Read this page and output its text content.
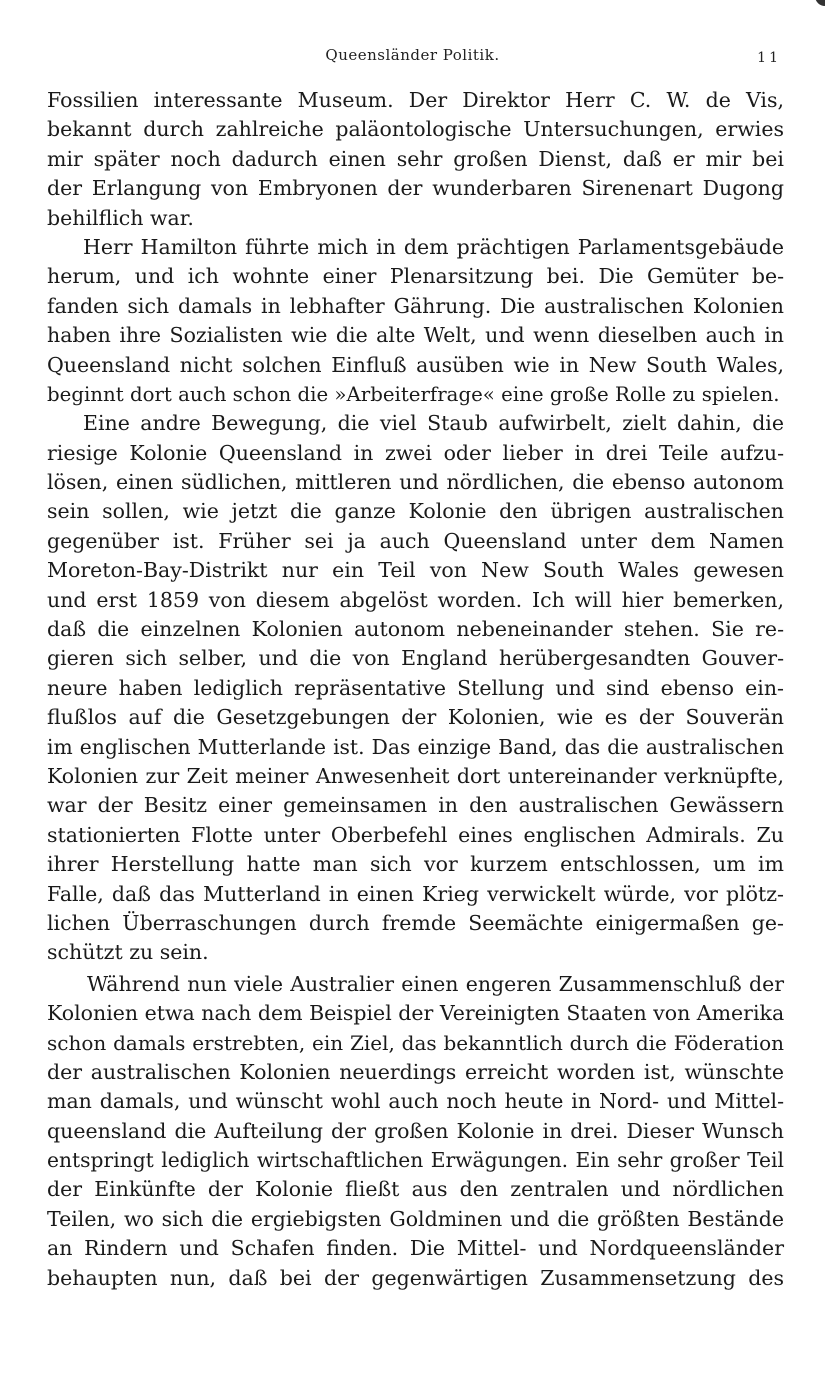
Queensländer Politik.	11
Fossilien interessante Museum. Der Direktor Herr C. W. de Vis,
bekannt durch zahlreiche paläontologische Untersuchungen, erwies
mir später noch dadurch einen sehr großen Dienst, daß er mir bei
der Erlangung von Embryonen der wunderbaren Sirenenart Dugong
behilflich war.
Herr Hamilton führte mich in dem prächtigen Parlamentsgebäude
herum, und ich wohnte einer Plenarsitzung bei. Die Gemüter be-
fanden sich damals in lebhafter Gährung. Die australischen Kolonien
haben ihre Sozialisten wie die alte Welt, und wenn dieselben auch in
Queensland nicht solchen Einfluß ausüben wie in New South Wales,
beginnt dort auch schon die »Arbeiterfrage« eine große Rolle zu spielen.
Eine andre Bewegung, die viel Staub aufwirbelt, zielt dahin, die
riesige Kolonie Queensland in zwei oder lieber in drei Teile aufzu-
lösen, einen südlichen, mittleren und nördlichen, die ebenso autonom
sein sollen, wie jetzt die ganze Kolonie den übrigen australischen
gegenüber ist. Früher sei ja auch Queensland unter dem Namen
Moreton-Bay-Distrikt nur ein Teil von New South Wales gewesen
und erst 1859 von diesem abgelöst worden. Ich will hier bemerken,
daß die einzelnen Kolonien autonom nebeneinander stehen. Sie re-
gieren sich selber, und die von England herübergesandten Gouver-
neure haben lediglich repräsentative Stellung und sind ebenso ein-
flußlos auf die Gesetzgebungen der Kolonien, wie es der Souverän
im englischen Mutterlande ist. Das einzige Band, das die australischen
Kolonien zur Zeit meiner Anwesenheit dort untereinander verknüpfte,
war der Besitz einer gemeinsamen in den australischen Gewässern
stationierten Flotte unter Oberbefehl eines englischen Admirals. Zu
ihrer Herstellung hatte man sich vor kurzem entschlossen, um im
Falle, daß das Mutterland in einen Krieg verwickelt würde, vor plötz-
lichen Überraschungen durch fremde Seemächte einigermaßen ge-
schützt zu sein.
Während nun viele Australier einen engeren Zusammenschluß der
Kolonien etwa nach dem Beispiel der Vereinigten Staaten von Amerika
schon damals erstrebten, ein Ziel, das bekanntlich durch die Föderation
der australischen Kolonien neuerdings erreicht worden ist, wünschte
man damals, und wünscht wohl auch noch heute in Nord- und Mittel-
queensland die Aufteilung der großen Kolonie in drei. Dieser Wunsch
entspringt lediglich wirtschaftlichen Erwägungen. Ein sehr großer Teil
der Einkünfte der Kolonie fließt aus den zentralen und nördlichen
Teilen, wo sich die ergiebigsten Goldminen und die größten Bestände
an Rindern und Schafen finden. Die Mittel- und Nordqueensländer
behaupten nun, daß bei der gegenwärtigen Zusammensetzung des
